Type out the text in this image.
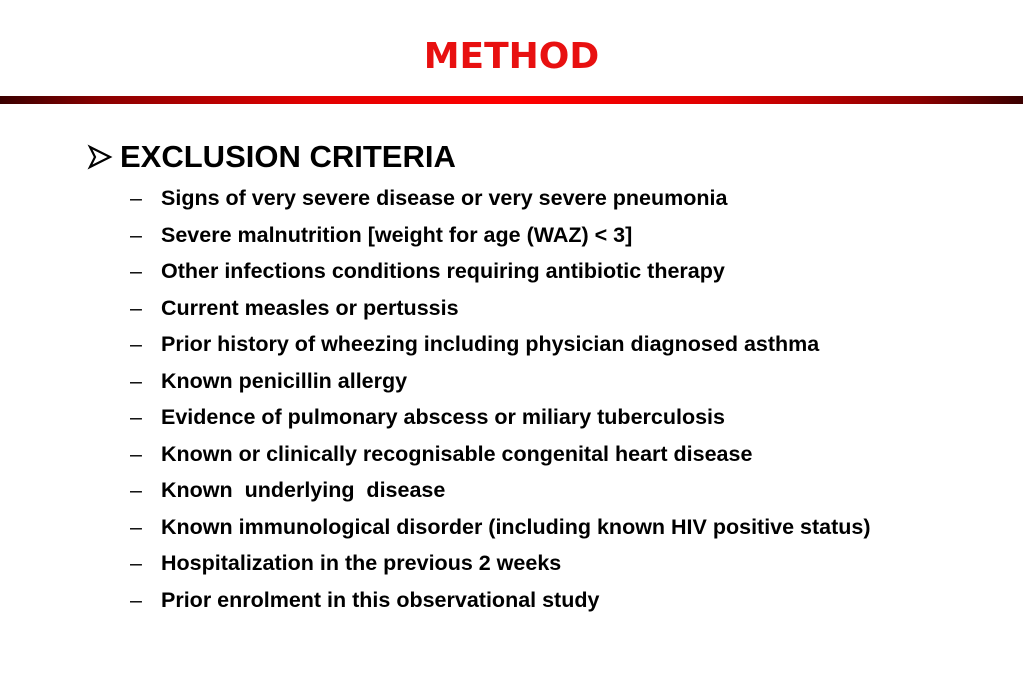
METHOD
EXCLUSION CRITERIA
– Signs of very severe disease or very severe pneumonia
– Severe malnutrition [weight for age (WAZ) < 3]
– Other infections conditions requiring antibiotic therapy
– Current measles or pertussis
– Prior history of wheezing including physician diagnosed asthma
– Known penicillin allergy
– Evidence of pulmonary abscess or miliary tuberculosis
– Known or clinically recognisable congenital heart disease
– Known  underlying  disease
– Known immunological disorder (including known HIV positive status)
– Hospitalization in the previous 2 weeks
– Prior enrolment in this observational study
